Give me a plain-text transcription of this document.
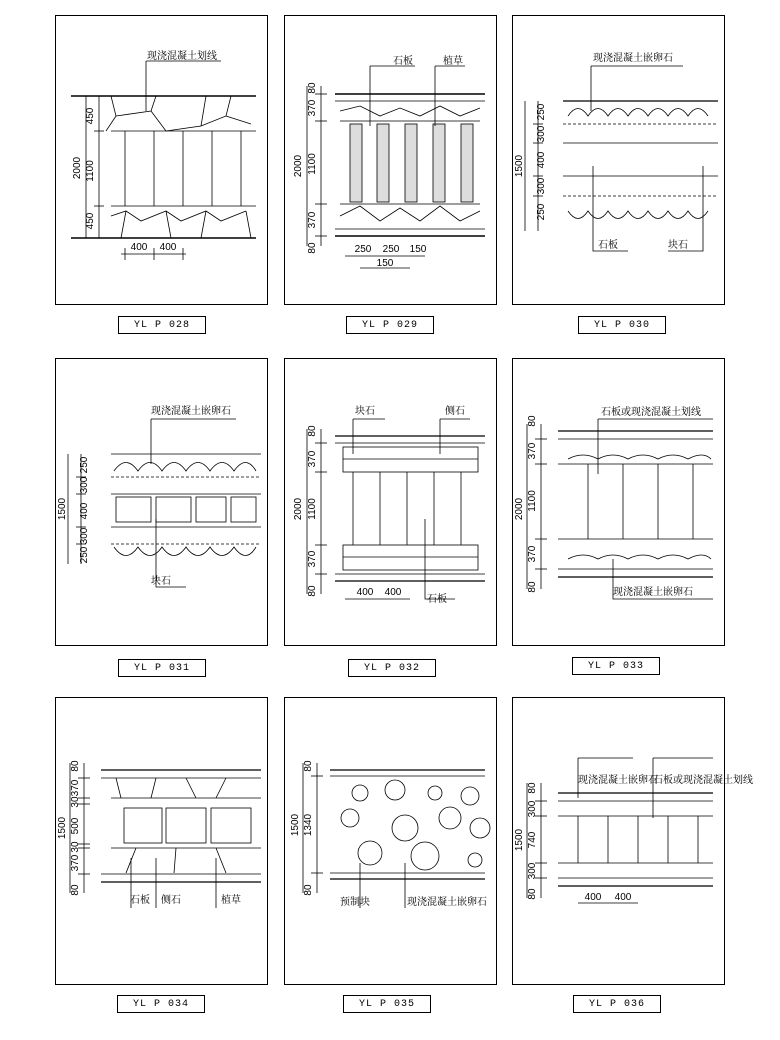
现浇混凝土划线
450
1100
450
2000
400 400
YL P 028
石板	植草
80
370
1100
370
80
2000
250 250 150
150
YL P 029
现浇混凝土嵌卵石
石板	块石
250
300
400
300
250
1500
YL P 030
现浇混凝土嵌卵石
块石
250
300
400
300
250
1500
YL P 031
块石	侧石
石板
80
370
1100
370
80
2000
400 400
YL P 032
石板或现浇混凝土划线
现浇混凝土嵌卵石
80
370
1100
370
80
2000
YL P 033
石板 侧石	植草
80
370
30
500
30
370
80
1500
YL P 034
预制块	现浇混凝土嵌卵石
80
1340
80
1500
YL P 035
现浇混凝土嵌卵石
石板或现浇混凝土划线
80
300
740
300
80
1500
400 400
YL P 036
